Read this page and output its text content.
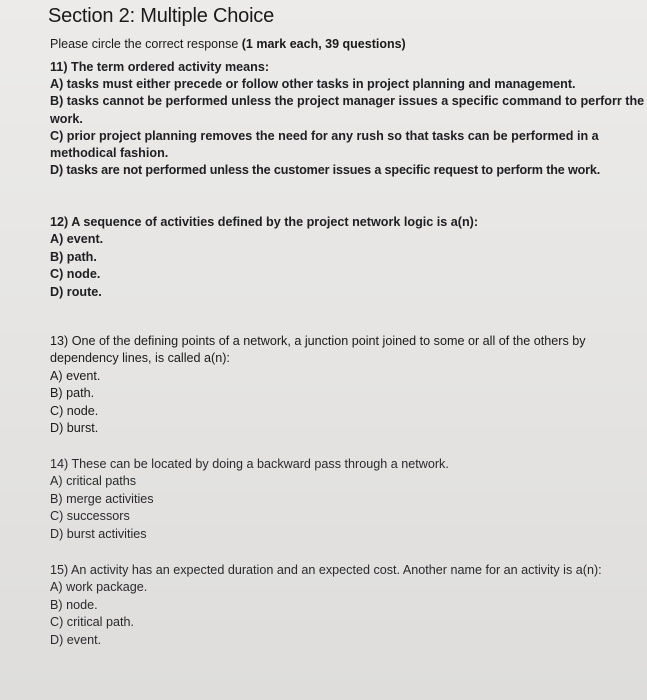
Section 2: Multiple Choice
Please circle the correct response (1 mark each, 39 questions)

11) The term ordered activity means:

A) tasks must either precede or follow other tasks in project planning and management.

B) tasks cannot be performed unless the project manager issues a specific command to perforr the work.

C) prior project planning removes the need for any rush so that tasks can be performed in a methodical fashion.

D) tasks are not performed unless the customer issues a specific request to perform the work.

12) A sequence of activities defined by the project network logic is a(n):

A) event.

B) path.

C) node.

D) route.

13) One of the defining points of a network, a junction point joined to some or all of the others by dependency lines, is called a(n):

A) event.

B) path.

C) node.

D) burst.

14) These can be located by doing a backward pass through a network.

A) critical paths

B) merge activities

C) successors

D) burst activities

15) An activity has an expected duration and an expected cost. Another name for an activity is a(n):

A) work package.

B) node.

C) critical path.

D) event.
